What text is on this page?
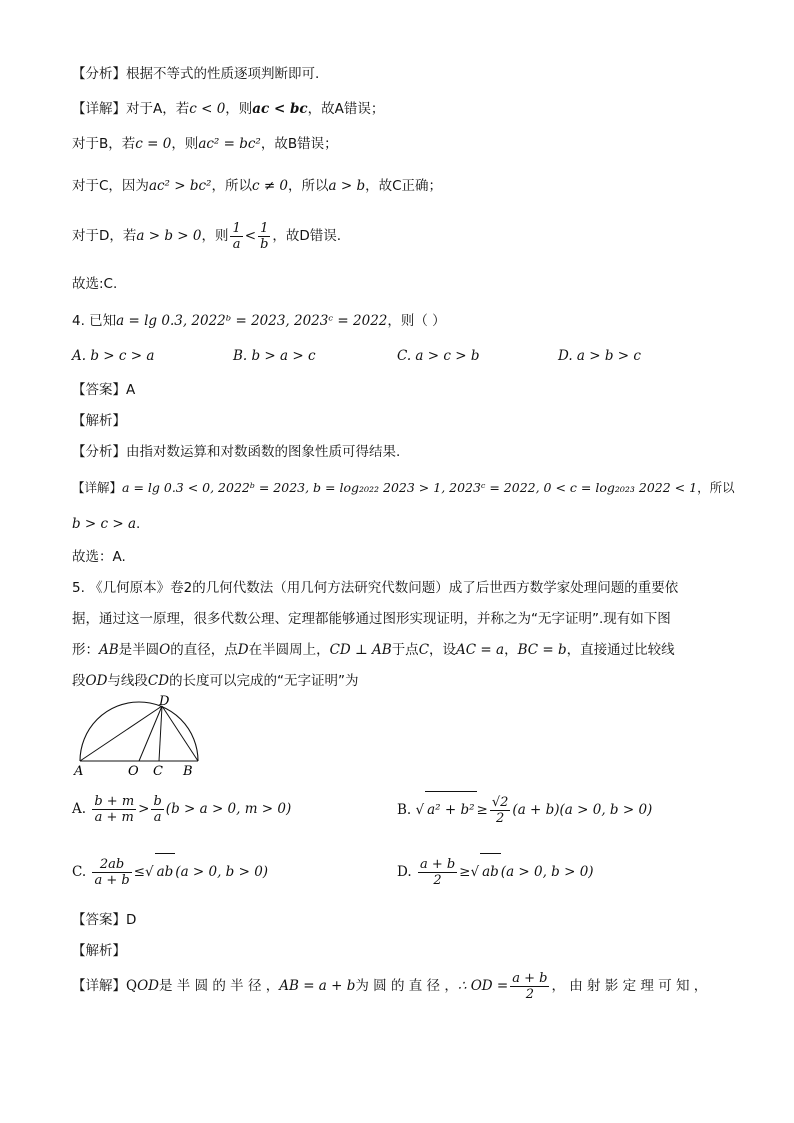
【分析】根据不等式的性质逐项判断即可.
【详解】对于A，若c < 0，则ac < bc，故A错误；
对于B，若c = 0，则ac² = bc²，故B错误；
对于C，因为ac² > bc²，所以c ≠ 0，所以a > b，故C正确；
对于D，若a > b > 0，则 $\frac{1}{a} < \frac{1}{b}$ ，故D错误.
故选:C.
4. 已知a = lg 0.3, 2022ᵇ = 2023, 2023ᶜ = 2022，则（ ）
A. b > c > a	B. b > a > c	C. a > c > b	D. a > b > c
【答案】A
【解析】
【分析】由指对数运算和对数函数的图象性质可得结果.
【详解】a = lg 0.3 < 0, 2022ᵇ = 2023, b = log₂₀₂₂ 2023 > 1, 2023ᶜ = 2022, 0 < c = log₂₀₂₃ 2022 < 1，所以
b > c > a.
故选：A.
5. 《几何原本》卷2的几何代数法（用几何方法研究代数问题）成了后世西方数学家处理问题的重要依
据，通过这一原理，很多代数公理、定理都能够通过图形实现证明，并称之为“无字证明”.现有如下图
形：AB是半圆O的直径，点D在半圆周上，CD ⊥ AB于点C，设AC = a，BC = b，直接通过比较线
段OD与线段CD的长度可以完成的“无字证明”为
A	O C B
D
A. $\frac{b + m}{a + m} > \frac{b}{a} (b > a > 0$, m > 0)	B. √ $a^2 + b^2 \ge \frac{√2}{2} (a + b)(a > 0$, b > 0)
C. $\frac{2ab}{a + b}$ ≤√ ab (a > 0, b > 0)	D. $\frac{a + b}{2}$ ≥√ ab (a > 0, b > 0)
【答案】D
【解析】
【详解】QOD是 半 圆 的 半 径 ，AB = a + b为 圆 的 直 径 ，∴ OD = $\frac{a + b}{2}$ ， 由 射 影 定 理 可 知 ，
